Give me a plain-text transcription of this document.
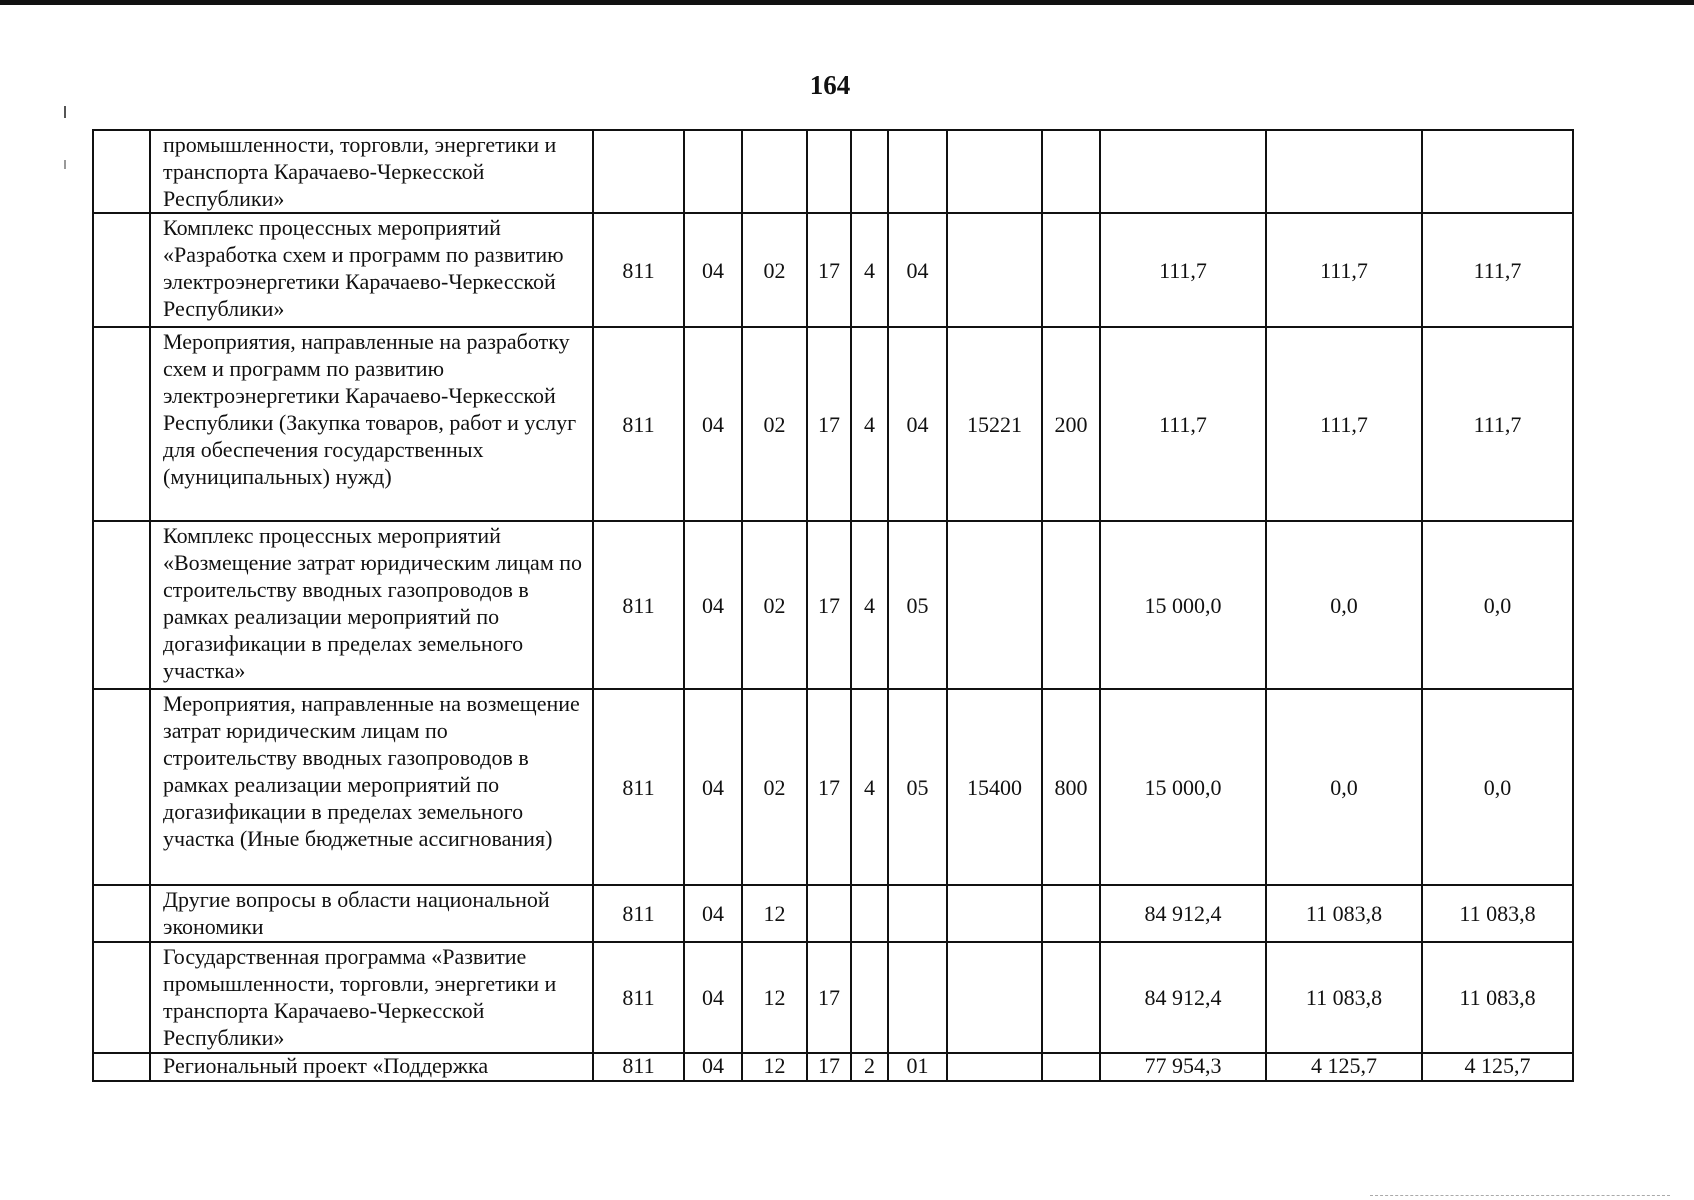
164
	промышленности, торговли, энергетики и транспорта Карачаево-Черкесской Республики»											
	Комплекс процессных мероприятий «Разработка схем и программ по развитию электроэнергетики Карачаево-Черкесской Республики»	811	04	02	17	4	04			111,7	111,7	111,7
	Мероприятия, направленные на разработку схем и программ по развитию электроэнергетики Карачаево-Черкесской Республики (Закупка товаров, работ и услуг для обеспечения государственных (муниципальных) нужд)	811	04	02	17	4	04	15221	200	111,7	111,7	111,7
	Комплекс процессных мероприятий «Возмещение затрат юридическим лицам по строительству вводных газопроводов в рамках реализации мероприятий по догазификации в пределах земельного участка»	811	04	02	17	4	05			15 000,0	0,0	0,0
	Мероприятия, направленные на возмещение затрат юридическим лицам по строительству вводных газопроводов в рамках реализации мероприятий по догазификации в пределах земельного участка (Иные бюджетные ассигнования)	811	04	02	17	4	05	15400	800	15 000,0	0,0	0,0
	Другие вопросы в области национальной экономики	811	04	12						84 912,4	11 083,8	11 083,8
	Государственная программа «Развитие промышленности, торговли, энергетики и транспорта Карачаево-Черкесской Республики»	811	04	12	17					84 912,4	11 083,8	11 083,8
	Региональный проект «Поддержка	811	04	12	17	2	01			77 954,3	4 125,7	4 125,7
